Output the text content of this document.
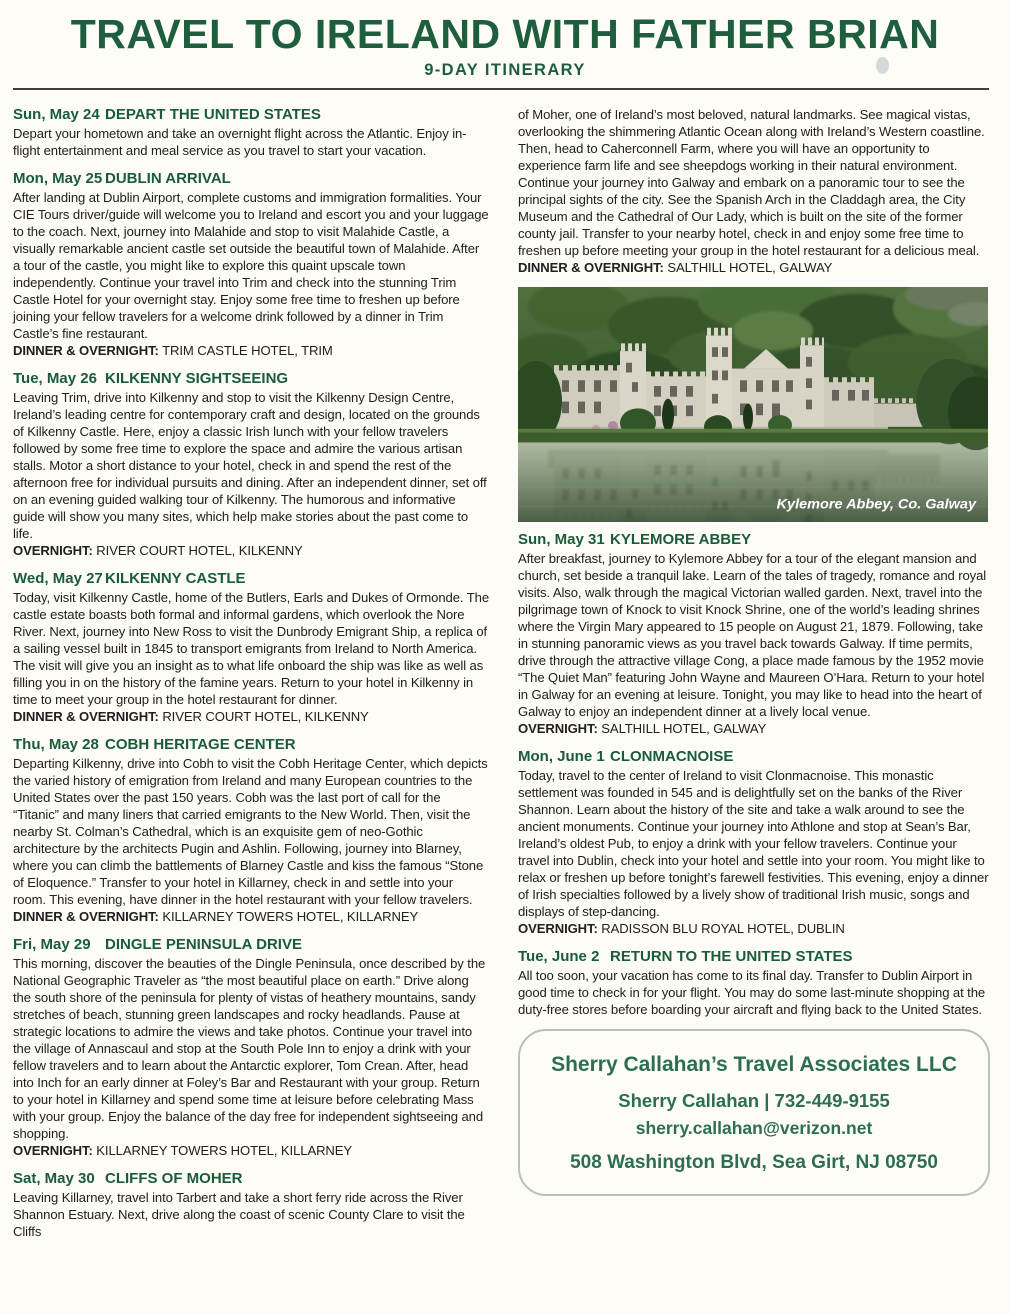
TRAVEL TO IRELAND WITH FATHER BRIAN
9-DAY ITINERARY
Sun, May 24 DEPART THE UNITED STATES

Depart your hometown and take an overnight flight across the Atlantic. Enjoy in-flight entertainment and meal service as you travel to start your vacation.

Mon, May 25 DUBLIN ARRIVAL

After landing at Dublin Airport, complete customs and immigration formalities. Your CIE Tours driver/guide will welcome you to Ireland and escort you and your luggage to the coach. Next, journey into Malahide and stop to visit Malahide Castle, a visually remarkable ancient castle set outside the beautiful town of Malahide. After a tour of the castle, you might like to explore this quaint upscale town independently. Continue your travel into Trim and check into the stunning Trim Castle Hotel for your overnight stay. Enjoy some free time to freshen up before joining your fellow travelers for a welcome drink followed by a dinner in Trim Castle’s fine restaurant.

DINNER & OVERNIGHT: TRIM CASTLE HOTEL, TRIM

Tue, May 26 KILKENNY SIGHTSEEING

Leaving Trim, drive into Kilkenny and stop to visit the Kilkenny Design Centre, Ireland’s leading centre for contemporary craft and design, located on the grounds of Kilkenny Castle. Here, enjoy a classic Irish lunch with your fellow travelers followed by some free time to explore the space and admire the various artisan stalls. Motor a short distance to your hotel, check in and spend the rest of the afternoon free for individual pursuits and dining. After an independent dinner, set off on an evening guided walking tour of Kilkenny. The humorous and informative guide will show you many sites, which help make stories about the past come to life.

OVERNIGHT: RIVER COURT HOTEL, KILKENNY

Wed, May 27 KILKENNY CASTLE

Today, visit Kilkenny Castle, home of the Butlers, Earls and Dukes of Ormonde. The castle estate boasts both formal and informal gardens, which overlook the Nore River. Next, journey into New Ross to visit the Dunbrody Emigrant Ship, a replica of a sailing vessel built in 1845 to transport emigrants from Ireland to North America. The visit will give you an insight as to what life onboard the ship was like as well as filling you in on the history of the famine years. Return to your hotel in Kilkenny in time to meet your group in the hotel restaurant for dinner.

DINNER & OVERNIGHT: RIVER COURT HOTEL, KILKENNY

Thu, May 28 COBH HERITAGE CENTER

Departing Kilkenny, drive into Cobh to visit the Cobh Heritage Center, which depicts the varied history of emigration from Ireland and many European countries to the United States over the past 150 years. Cobh was the last port of call for the “Titanic” and many liners that carried emigrants to the New World. Then, visit the nearby St. Colman’s Cathedral, which is an exquisite gem of neo-Gothic architecture by the architects Pugin and Ashlin. Following, journey into Blarney, where you can climb the battlements of Blarney Castle and kiss the famous “Stone of Eloquence.” Transfer to your hotel in Killarney, check in and settle into your room. This evening, have dinner in the hotel restaurant with your fellow travelers.

DINNER & OVERNIGHT: KILLARNEY TOWERS HOTEL, KILLARNEY

Fri, May 29 DINGLE PENINSULA DRIVE

This morning, discover the beauties of the Dingle Peninsula, once described by the National Geographic Traveler as “the most beautiful place on earth.” Drive along the south shore of the peninsula for plenty of vistas of heathery mountains, sandy stretches of beach, stunning green landscapes and rocky headlands. Pause at strategic locations to admire the views and take photos. Continue your travel into the village of Annascaul and stop at the South Pole Inn to enjoy a drink with your fellow travelers and to learn about the Antarctic explorer, Tom Crean. After, head into Inch for an early dinner at Foley’s Bar and Restaurant with your group. Return to your hotel in Killarney and spend some time at leisure before celebrating Mass with your group. Enjoy the balance of the day free for independent sightseeing and shopping.

OVERNIGHT: KILLARNEY TOWERS HOTEL, KILLARNEY

Sat, May 30 CLIFFS OF MOHER

Leaving Killarney, travel into Tarbert and take a short ferry ride across the River Shannon Estuary. Next, drive along the coast of scenic County Clare to visit the Cliffs

of Moher, one of Ireland’s most beloved, natural landmarks. See magical vistas, overlooking the shimmering Atlantic Ocean along with Ireland’s Western coastline. Then, head to Caherconnell Farm, where you will have an opportunity to experience farm life and see sheepdogs working in their natural environment. Continue your journey into Galway and embark on a panoramic tour to see the principal sights of the city. See the Spanish Arch in the Claddagh area, the City Museum and the Cathedral of Our Lady, which is built on the site of the former county jail. Transfer to your nearby hotel, check in and enjoy some free time to freshen up before meeting your group in the hotel restaurant for a delicious meal.

DINNER & OVERNIGHT: SALTHILL HOTEL, GALWAY

Kylemore Abbey, Co. Galway
Sun, May 31 KYLEMORE ABBEY

After breakfast, journey to Kylemore Abbey for a tour of the elegant mansion and church, set beside a tranquil lake. Learn of the tales of tragedy, romance and royal visits. Also, walk through the magical Victorian walled garden. Next, travel into the pilgrimage town of Knock to visit Knock Shrine, one of the world’s leading shrines where the Virgin Mary appeared to 15 people on August 21, 1879. Following, take in stunning panoramic views as you travel back towards Galway. If time permits, drive through the attractive village Cong, a place made famous by the 1952 movie “The Quiet Man” featuring John Wayne and Maureen O’Hara. Return to your hotel in Galway for an evening at leisure. Tonight, you may like to head into the heart of Galway to enjoy an independent dinner at a lively local venue.

OVERNIGHT: SALTHILL HOTEL, GALWAY

Mon, June 1 CLONMACNOISE

Today, travel to the center of Ireland to visit Clonmacnoise. This monastic settlement was founded in 545 and is delightfully set on the banks of the River Shannon. Learn about the history of the site and take a walk around to see the ancient monuments. Continue your journey into Athlone and stop at Sean’s Bar, Ireland’s oldest Pub, to enjoy a drink with your fellow travelers. Continue your travel into Dublin, check into your hotel and settle into your room. You might like to relax or freshen up before tonight’s farewell festivities. This evening, enjoy a dinner of Irish specialties followed by a lively show of traditional Irish music, songs and displays of step-dancing.

OVERNIGHT: RADISSON BLU ROYAL HOTEL, DUBLIN

Tue, June 2 RETURN TO THE UNITED STATES

All too soon, your vacation has come to its final day. Transfer to Dublin Airport in good time to check in for your flight. You may do some last-minute shopping at the duty-free stores before boarding your aircraft and flying back to the United States.

Sherry Callahan’s Travel Associates LLC
Sherry Callahan | 732-449-9155
sherry.callahan@verizon.net
508 Washington Blvd, Sea Girt, NJ 08750
